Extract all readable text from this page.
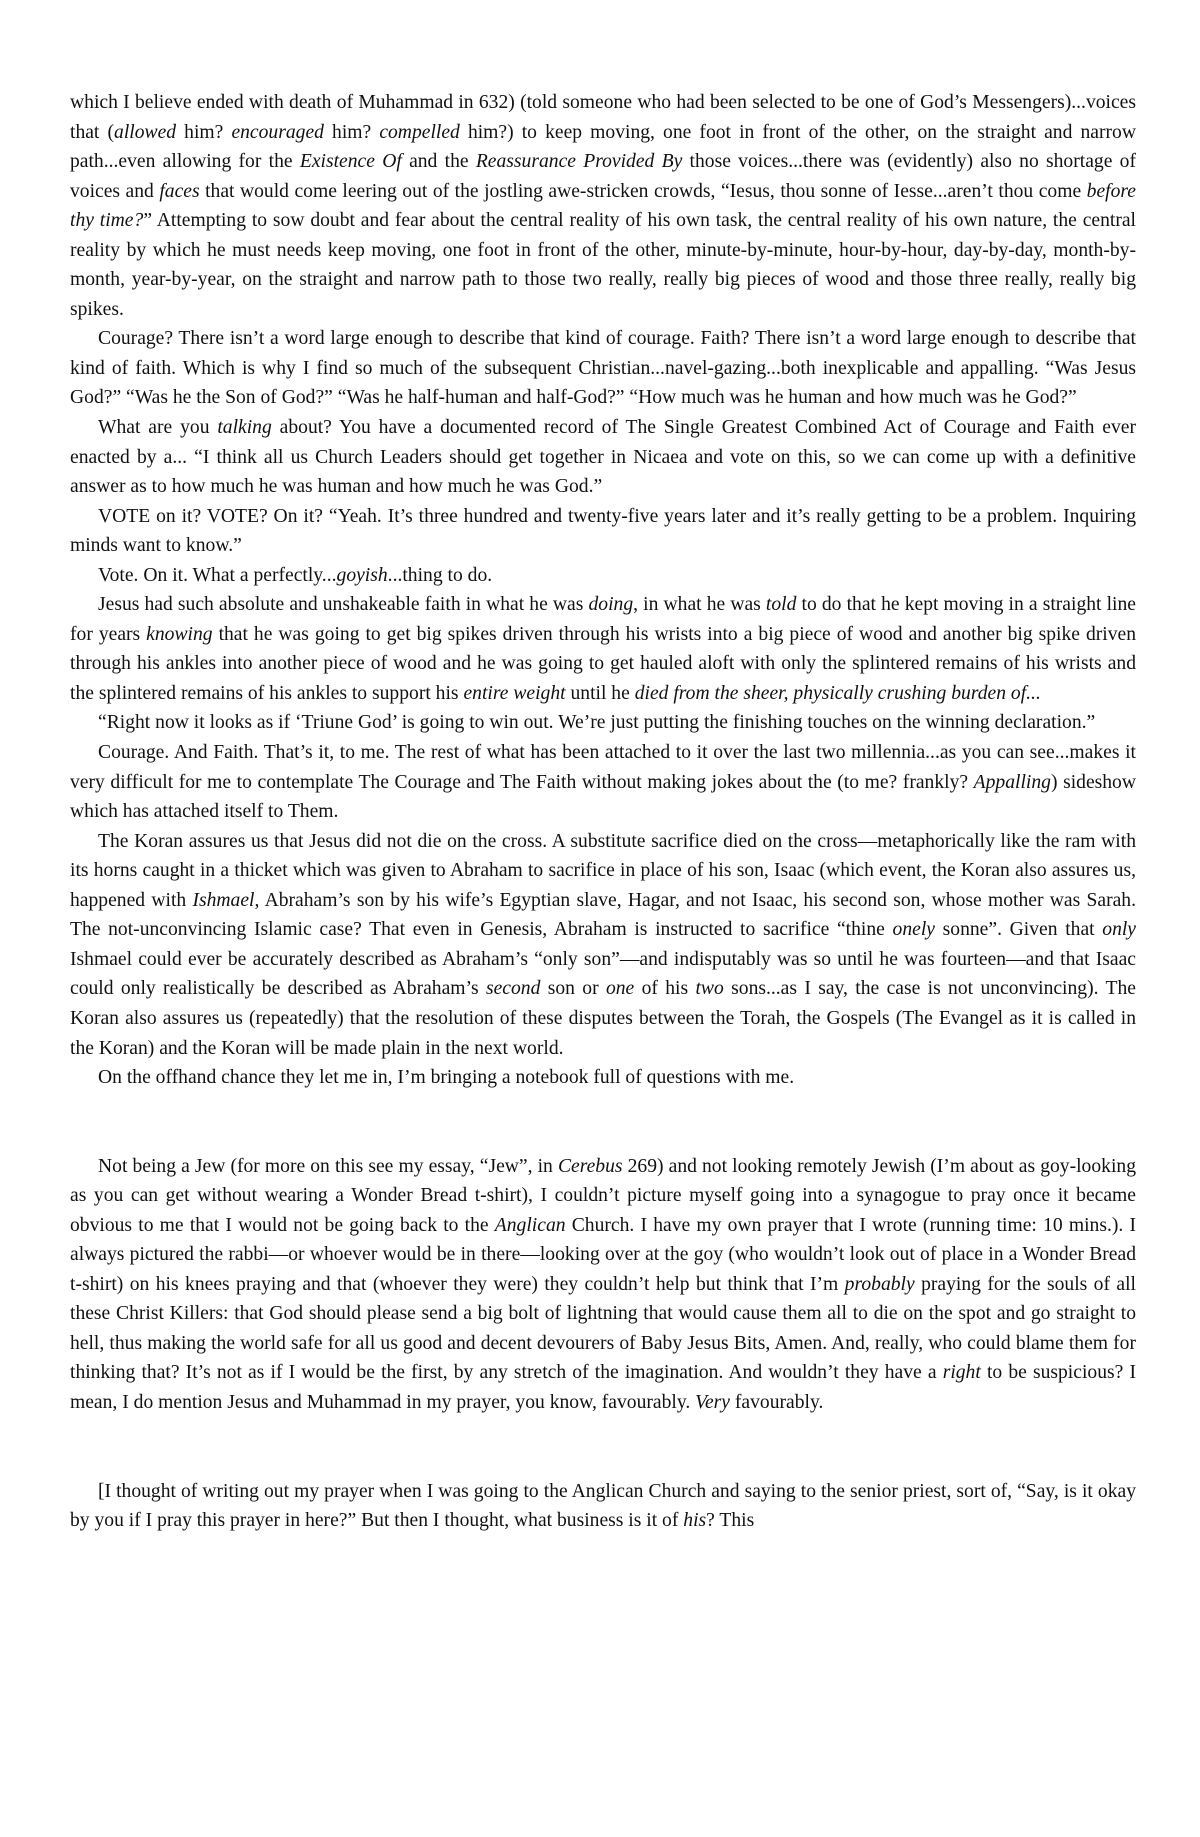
which I believe ended with death of Muhammad in 632) (told someone who had been selected to be one of God’s Messengers)...voices that (allowed him? encouraged him? compelled him?) to keep moving, one foot in front of the other, on the straight and narrow path...even allowing for the Existence Of and the Reassurance Provided By those voices...there was (evidently) also no shortage of voices and faces that would come leering out of the jostling awe-stricken crowds, “Iesus, thou sonne of Iesse...aren’t thou come before thy time?” Attempting to sow doubt and fear about the central reality of his own task, the central reality of his own nature, the central reality by which he must needs keep moving, one foot in front of the other, minute-by-minute, hour-by-hour, day-by-day, month-by-month, year-by-year, on the straight and narrow path to those two really, really big pieces of wood and those three really, really big spikes.

Courage? There isn’t a word large enough to describe that kind of courage. Faith? There isn’t a word large enough to describe that kind of faith. Which is why I find so much of the subsequent Christian...navel-gazing...both inexplicable and appalling. “Was Jesus God?” “Was he the Son of God?” “Was he half-human and half-God?” “How much was he human and how much was he God?”

What are you talking about? You have a documented record of The Single Greatest Combined Act of Courage and Faith ever enacted by a... “I think all us Church Leaders should get together in Nicaea and vote on this, so we can come up with a definitive answer as to how much he was human and how much he was God.”

VOTE on it? VOTE? On it? “Yeah. It’s three hundred and twenty-five years later and it’s really getting to be a problem. Inquiring minds want to know.”

Vote. On it. What a perfectly...goyish...thing to do.

Jesus had such absolute and unshakeable faith in what he was doing, in what he was told to do that he kept moving in a straight line for years knowing that he was going to get big spikes driven through his wrists into a big piece of wood and another big spike driven through his ankles into another piece of wood and he was going to get hauled aloft with only the splintered remains of his wrists and the splintered remains of his ankles to support his entire weight until he died from the sheer, physically crushing burden of...

“Right now it looks as if ‘Triune God’ is going to win out. We’re just putting the finishing touches on the winning declaration.”

Courage. And Faith. That’s it, to me. The rest of what has been attached to it over the last two millennia...as you can see...makes it very difficult for me to contemplate The Courage and The Faith without making jokes about the (to me? frankly? Appalling) sideshow which has attached itself to Them.

The Koran assures us that Jesus did not die on the cross. A substitute sacrifice died on the cross—metaphorically like the ram with its horns caught in a thicket which was given to Abraham to sacrifice in place of his son, Isaac (which event, the Koran also assures us, happened with Ishmael, Abraham’s son by his wife’s Egyptian slave, Hagar, and not Isaac, his second son, whose mother was Sarah. The not-unconvincing Islamic case? That even in Genesis, Abraham is instructed to sacrifice “thine onely sonne”. Given that only Ishmael could ever be accurately described as Abraham’s “only son”—and indisputably was so until he was fourteen—and that Isaac could only realistically be described as Abraham’s second son or one of his two sons...as I say, the case is not unconvincing). The Koran also assures us (repeatedly) that the resolution of these disputes between the Torah, the Gospels (The Evangel as it is called in the Koran) and the Koran will be made plain in the next world.

On the offhand chance they let me in, I’m bringing a notebook full of questions with me.

Not being a Jew (for more on this see my essay, “Jew”, in Cerebus 269) and not looking remotely Jewish (I’m about as goy-looking as you can get without wearing a Wonder Bread t-shirt), I couldn’t picture myself going into a synagogue to pray once it became obvious to me that I would not be going back to the Anglican Church. I have my own prayer that I wrote (running time: 10 mins.). I always pictured the rabbi—or whoever would be in there—looking over at the goy (who wouldn’t look out of place in a Wonder Bread t-shirt) on his knees praying and that (whoever they were) they couldn’t help but think that I’m probably praying for the souls of all these Christ Killers: that God should please send a big bolt of lightning that would cause them all to die on the spot and go straight to hell, thus making the world safe for all us good and decent devourers of Baby Jesus Bits, Amen. And, really, who could blame them for thinking that? It’s not as if I would be the first, by any stretch of the imagination. And wouldn’t they have a right to be suspicious? I mean, I do mention Jesus and Muhammad in my prayer, you know, favourably. Very favourably.

[I thought of writing out my prayer when I was going to the Anglican Church and saying to the senior priest, sort of, “Say, is it okay by you if I pray this prayer in here?” But then I thought, what business is it of his? This
